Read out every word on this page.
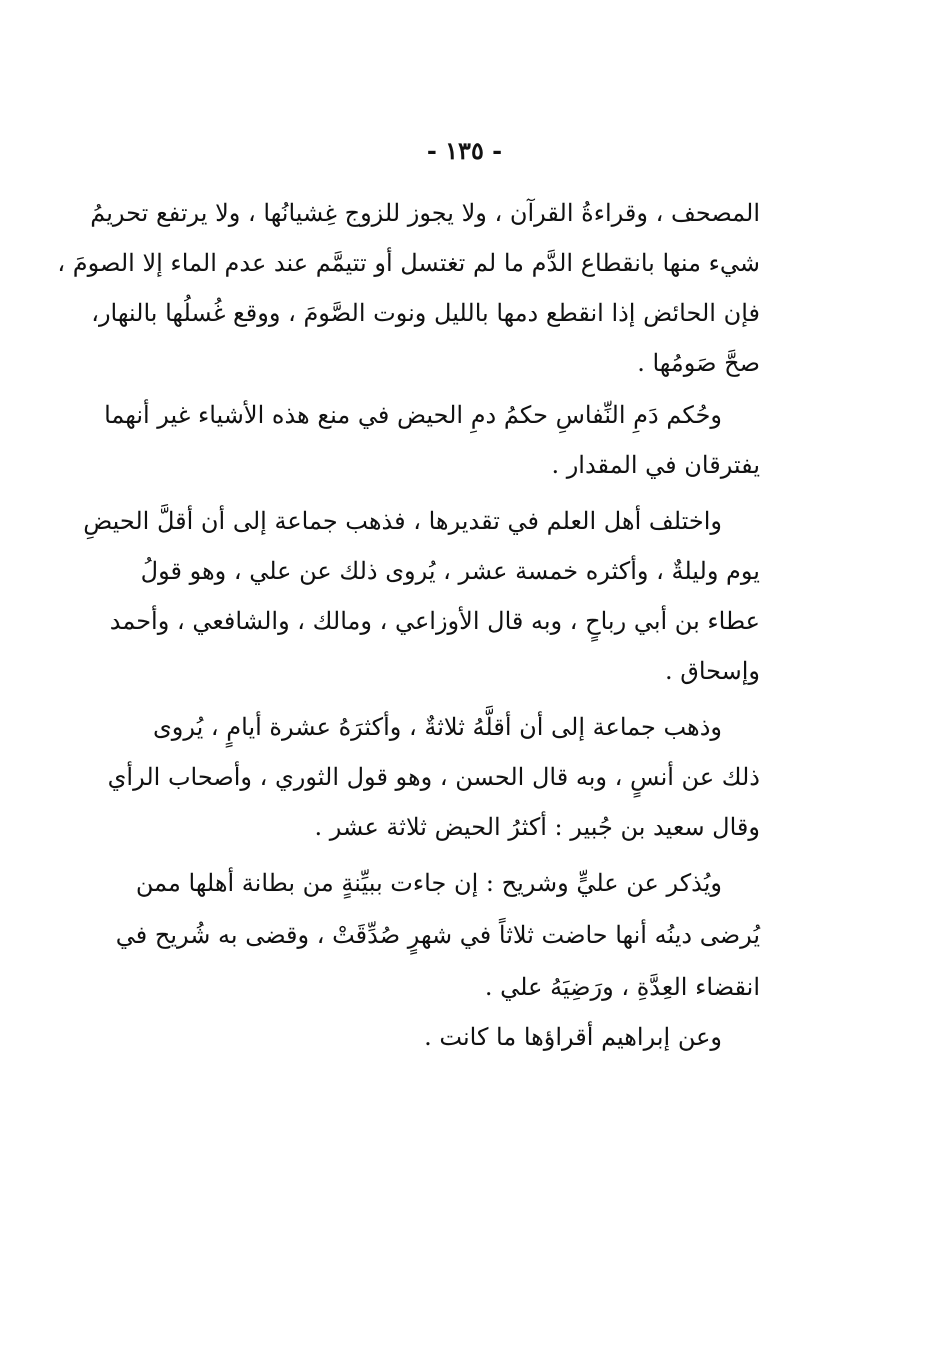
- ١٣٥ -
المصحف ، وقراءةُ القرآن ، ولا يجوز للزوج غِشيانُها ، ولا يرتفع تحريمُ
شيء منها بانقطاع الدَّم ما لم تغتسل أو تتيمَّم عند عدم الماء إلا الصومَ ،
فإن الحائض إذا انقطع دمها بالليل ونوت الصَّومَ ، ووقع غُسلُها بالنهار،
صحَّ صَومُها .
وحُكم دَمِ النِّفاسِ حكمُ دمِ الحيض في منع هذه الأشياء غير أنهما
يفترقان في المقدار .
واختلف أهل العلم في تقديرها ، فذهب جماعة إلى أن أقلَّ الحيضِ
يوم وليلةٌ ، وأكثره خمسة عشر ، يُروى ذلك عن علي ، وهو قولُ
عطاء بن أبي رباحٍ ، وبه قال الأوزاعي ، ومالك ، والشافعي ، وأحمد
وإسحاق .
وذهب جماعة إلى أن أقلَّهُ ثلاثةٌ ، وأكثرَهُ عشرة أيامٍ ، يُروى
ذلك عن أنسٍ ، وبه قال الحسن ، وهو قول الثوري ، وأصحاب الرأي
وقال سعيد بن جُبير : أكثرُ الحيض ثلاثة عشر .
ويُذكر عن عليٍّ وشريح : إن جاءت ببيِّنةٍ من بطانة أهلها ممن
يُرضى دينُه أنها حاضت ثلاثاً في شهرٍ صُدِّقَتْ ، وقضى به شُريح في
انقضاء العِدَّةِ ، ورَضِيَهُ علي .
وعن إبراهيم أقراؤها ما كانت .
